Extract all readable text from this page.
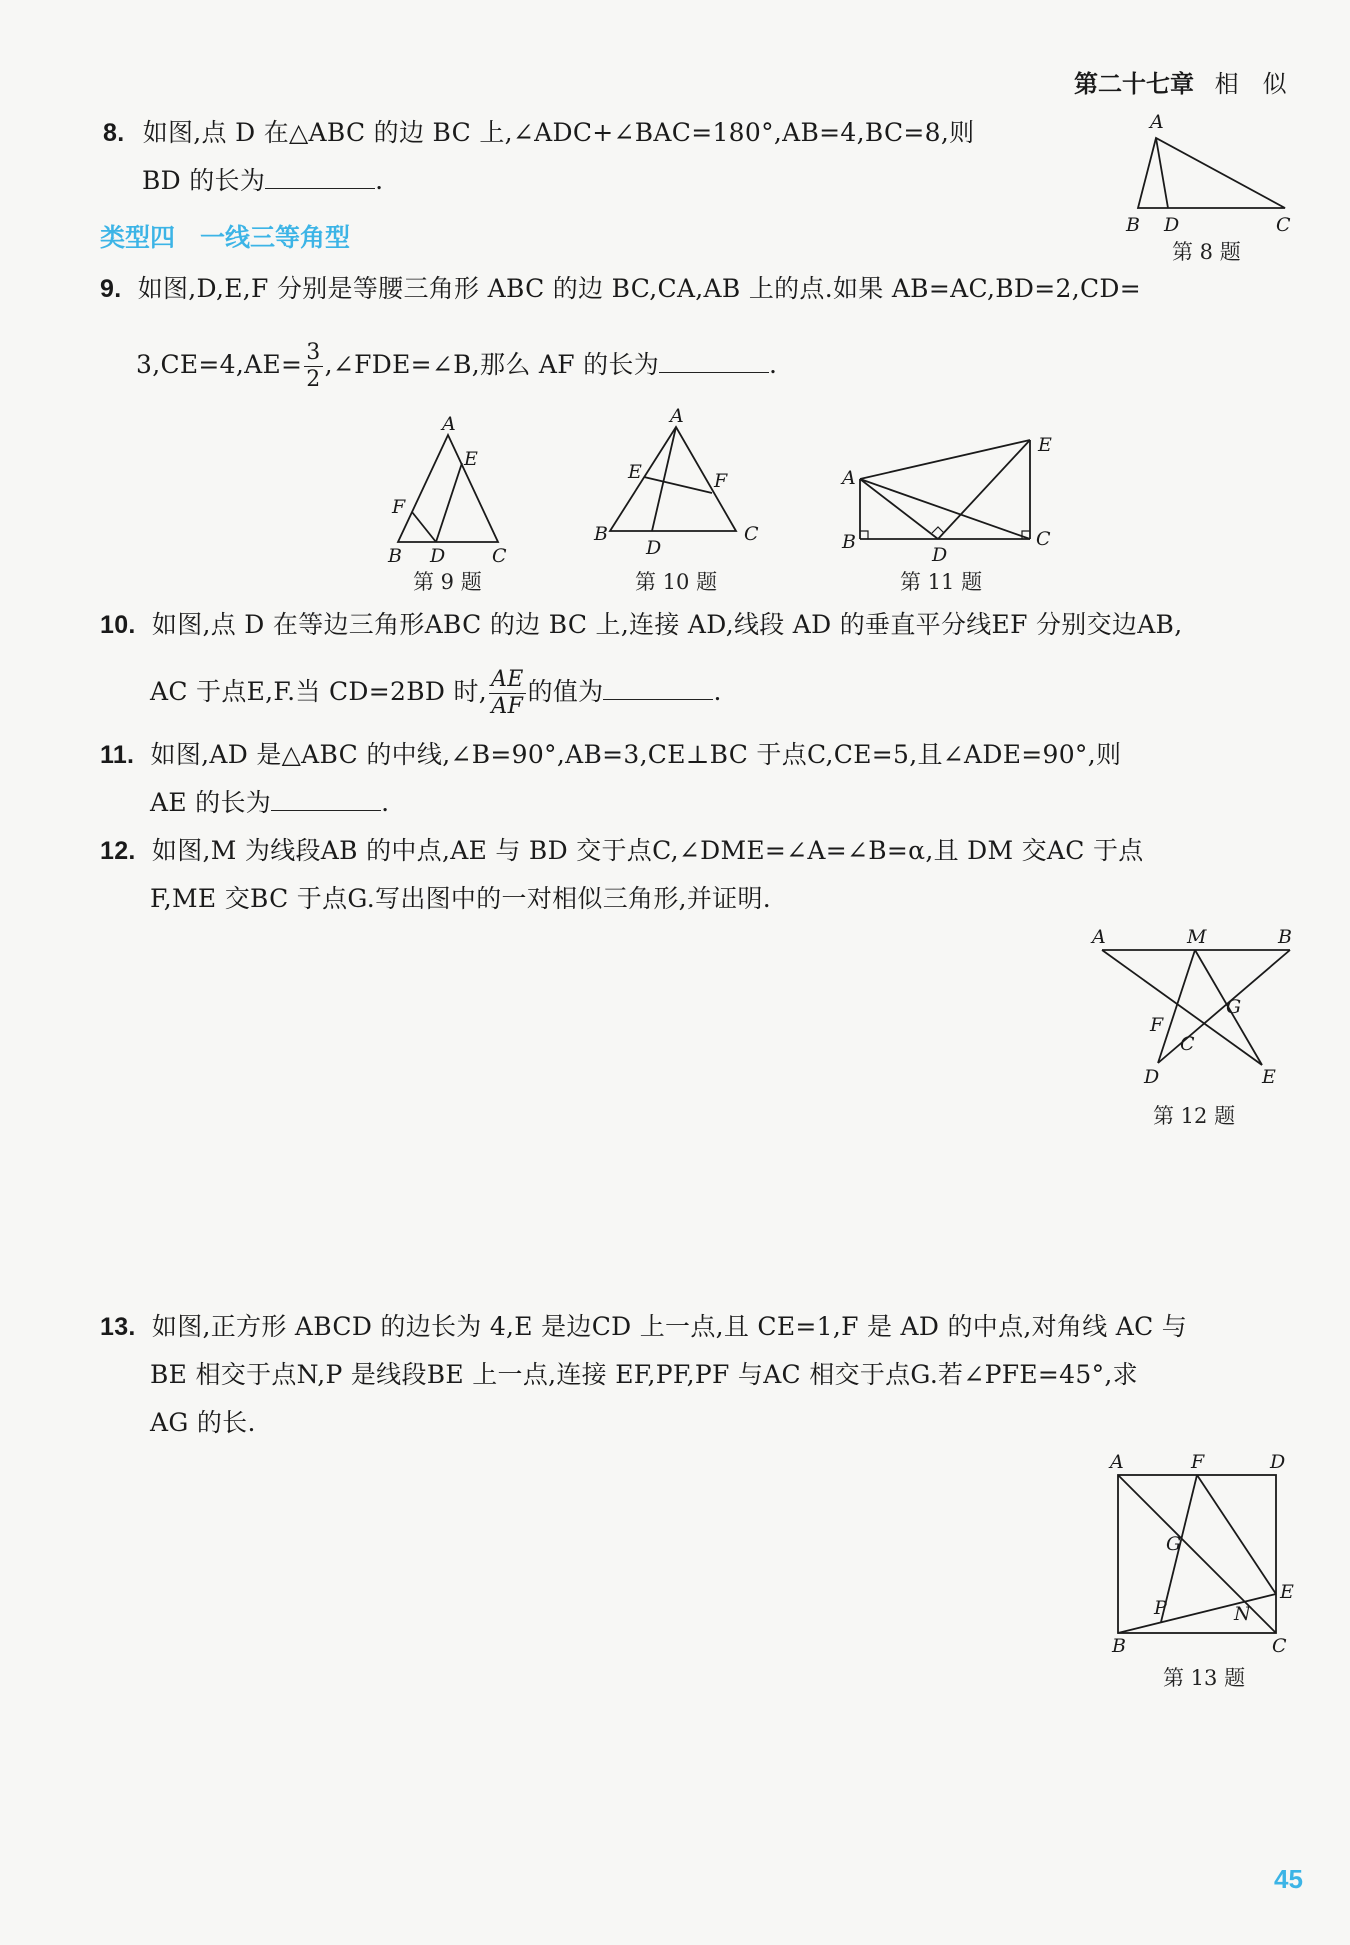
第二十七章 相　似
8. 如图,点 D 在△ABC 的边 BC 上,∠ADC+∠BAC=180°,AB=4,BC=8,则
BD 的长为	.
A
B D	C
第 8 题
类型四　一线三等角型
9. 如图,D,E,F 分别是等腰三角形 ABC 的边 BC,CA,AB 上的点.如果 AB=AC,BD=2,CD=
$3,CE=4,AE= \frac{3}{2}$ ,∠FDE=∠B,那么 AF 的长为	.
A
E
F
B D C
第 9 题
A
E	F
B
D
C
第 10 题
E
A
B
D
C
第 11 题
10. 如图,点 D 在等边三角形ABC 的边 BC 上,连接 AD,线段 AD 的垂直平分线EF 分别交边AB,
AC 于点E,F.当 CD=2BD 时, $\frac{AE}{AF}$ 的值为	.
11. 如图,AD 是△ABC 的中线,∠B=90°,AB=3,CE⊥BC 于点C,CE=5,且∠ADE=90°,则
AE 的长为	.
12. 如图,M 为线段AB 的中点,AE 与 BD 交于点C,∠DME=∠A=∠B=α,且 DM 交AC 于点
F,ME 交BC 于点G.写出图中的一对相似三角形,并证明.
A	M	B
F
G
C
D	E
第 12 题
13. 如图,正方形 ABCD 的边长为 4,E 是边CD 上一点,且 CE=1,F 是 AD 的中点,对角线 AC 与
BE 相交于点N,P 是线段BE 上一点,连接 EF,PF,PF 与AC 相交于点G.若∠PFE=45°,求
AG 的长.
A	F	D
G
E
P	N
B	C
第 13 题
45
